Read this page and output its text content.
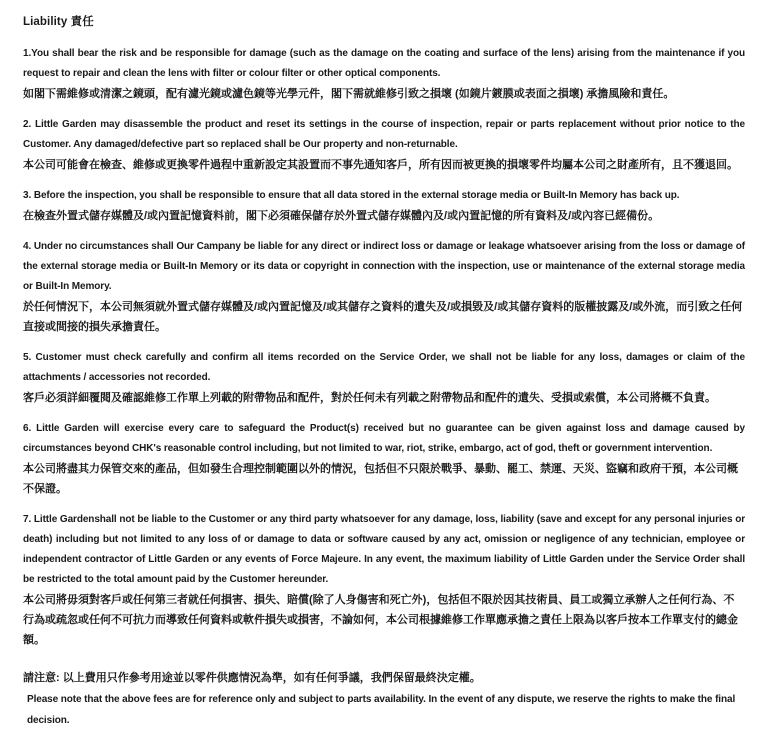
Liability 責任

1.You shall bear the risk and be responsible for damage (such as the damage on the coating and surface of the lens) arising from the maintenance if you request to repair and clean the lens with filter or colour filter or other optical components.

如閣下需維修或清潔之鏡頭，配有濾光鏡或濾色鏡等光學元件，閣下需就維修引致之損壞 (如鏡片鍍膜或表面之損壞) 承擔風險和責任。

2. Little Garden may disassemble the product and reset its settings in the course of inspection, repair or parts replacement without prior notice to the Customer. Any damaged/defective part so replaced shall be Our property and non-returnable.

本公司可能會在檢查、維修或更換零件過程中重新設定其設置而不事先通知客戶，所有因而被更換的損壞零件均屬本公司之財產所有，且不獲退回。

3. Before the inspection, you shall be responsible to ensure that all data stored in the external storage media or Built-In Memory has back up.

在檢查外置式儲存媒體及/或內置記憶資料前，閣下必須確保儲存於外置式儲存媒體內及/或內置記憶的所有資料及/或內容已經備份。

4. Under no circumstances shall Our Campany be liable for any direct or indirect loss or damage or leakage whatsoever arising from the loss or damage of the external storage media or Built-In Memory or its data or copyright in connection with the inspection, use or maintenance of the external storage media or Built-In Memory.

於任何情況下，本公司無須就外置式儲存媒體及/或內置記憶及/或其儲存之資料的遺失及/或損毀及/或其儲存資料的版權披露及/或外流，而引致之任何直接或間接的損失承擔責任。

5. Customer must check carefully and confirm all items recorded on the Service Order, we shall not be liable for any loss, damages or claim of the attachments / accessories not recorded.

客戶必須詳細覆閱及確認維修工作單上列載的附帶物品和配件，對於任何未有列載之附帶物品和配件的遺失、受損或索償，本公司將概不負責。

6. Little Garden will exercise every care to safeguard the Product(s) received but no guarantee can be given against loss and damage caused by circumstances beyond CHK's reasonable control including, but not limited to war, riot, strike, embargo, act of god, theft or government intervention.

本公司將盡其力保管交來的產品，但如發生合理控制範圍以外的情況，包括但不只限於戰爭、暴動、罷工、禁運、天災、盜竊和政府干預，本公司概不保證。

7. Little Gardenshall not be liable to the Customer or any third party whatsoever for any damage, loss, liability (save and except for any personal injuries or death) including but not limited to any loss of or damage to data or software caused by any act, omission or negligence of any technician, employee or independent contractor of Little Garden or any events of Force Majeure. In any event, the maximum liability of Little Garden under the Service Order shall be restricted to the total amount paid by the Customer hereunder.

本公司將毋須對客戶或任何第三者就任何損害、損失、賠償(除了人身傷害和死亡外)，包括但不限於因其技術員、員工或獨立承辦人之任何行為、不行為或疏忽或任何不可抗力而導致任何資料或軟件損失或損害，不論如何，本公司根據維修工作單應承擔之責任上限為以客戶按本工作單支付的總金額。

請注意: 以上費用只作參考用途並以零件供應情況為準，如有任何爭議，我們保留最終決定權。

Please note that the above fees are for reference only and subject to parts availability. In the event of any dispute, we reserve the rights to make the final decision.
